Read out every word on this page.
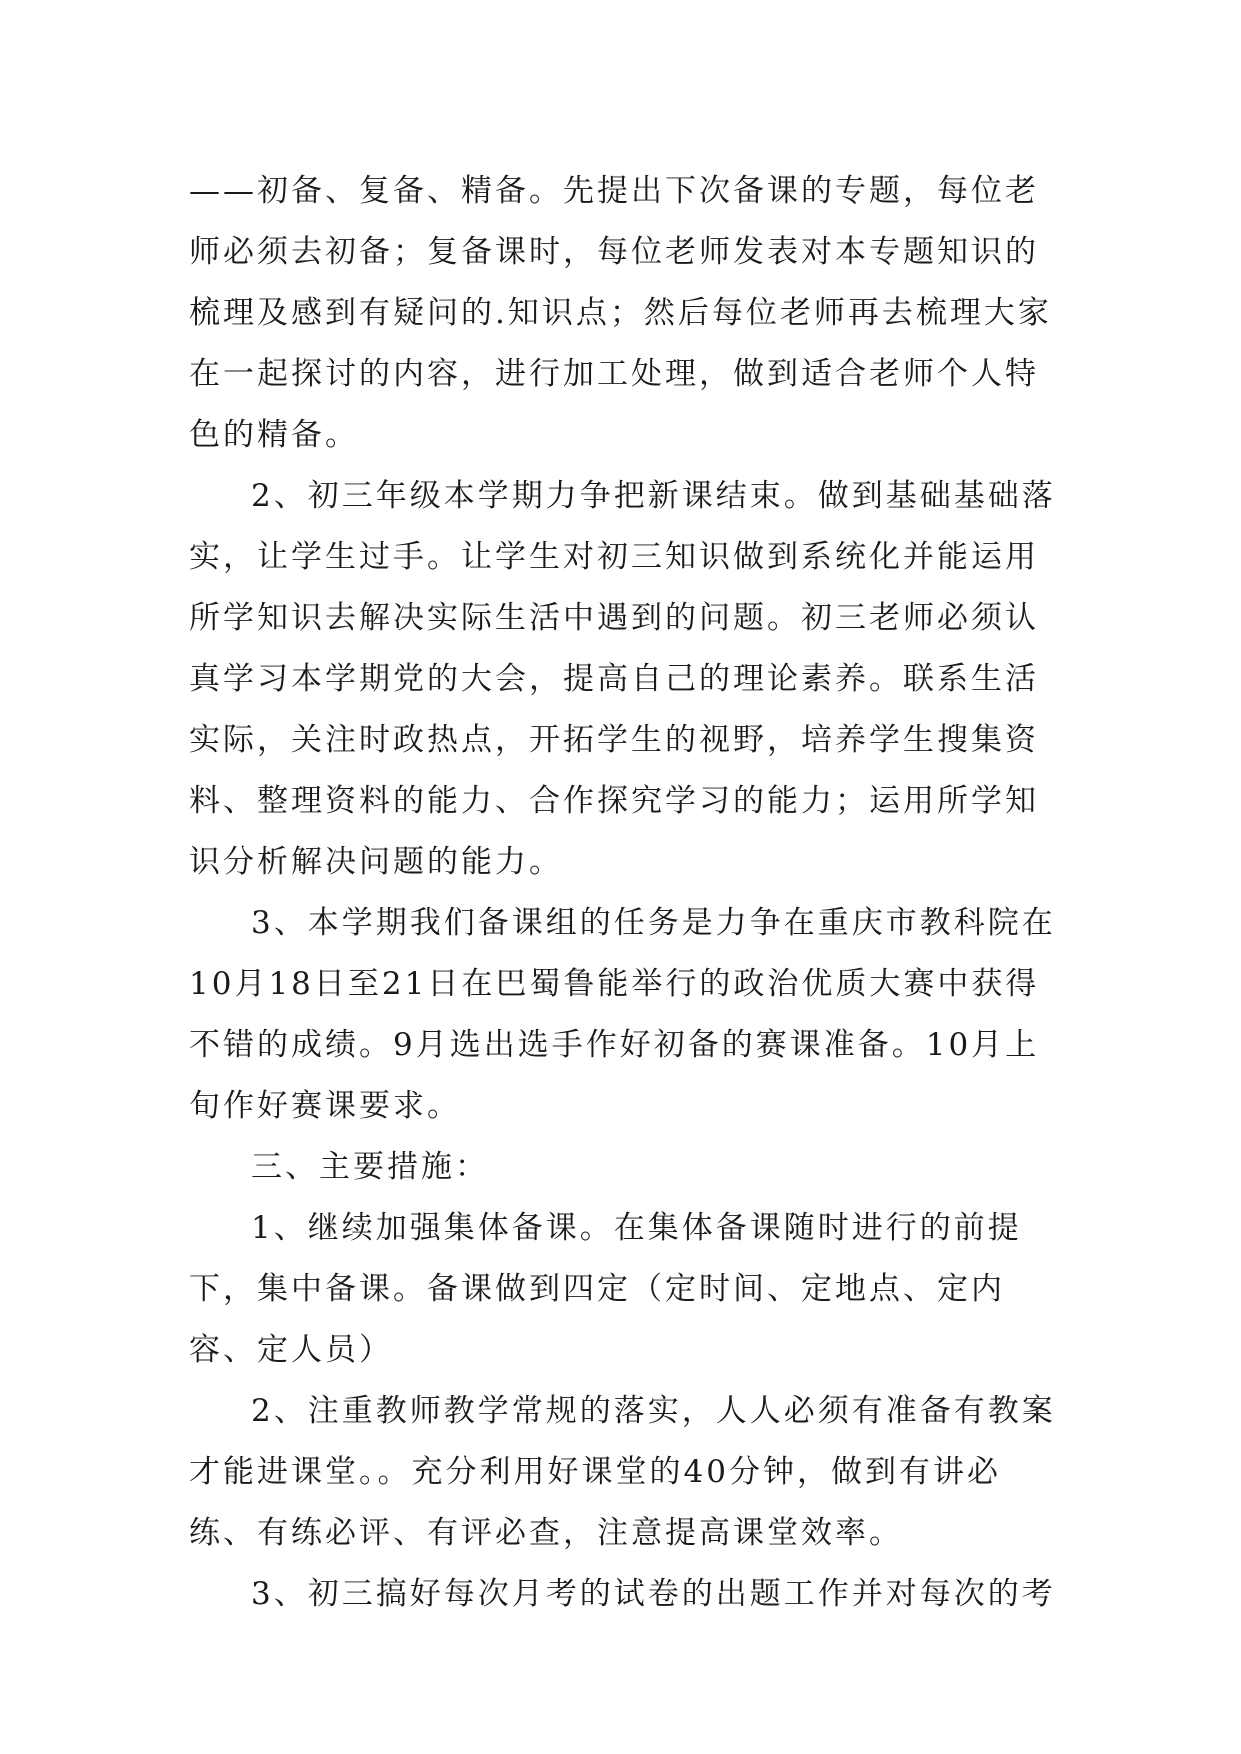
——初备、复备、精备。先提出下次备课的专题，每位老师必须去初备；复备课时，每位老师发表对本专题知识的梳理及感到有疑问的.知识点；然后每位老师再去梳理大家在一起探讨的内容，进行加工处理，做到适合老师个人特色的精备。

2、初三年级本学期力争把新课结束。做到基础基础落实，让学生过手。让学生对初三知识做到系统化并能运用所学知识去解决实际生活中遇到的问题。初三老师必须认真学习本学期党的大会，提高自己的理论素养。联系生活实际，关注时政热点，开拓学生的视野，培养学生搜集资料、整理资料的能力、合作探究学习的能力；运用所学知识分析解决问题的能力。

3、本学期我们备课组的任务是力争在重庆市教科院在10月18日至21日在巴蜀鲁能举行的政治优质大赛中获得不错的成绩。9月选出选手作好初备的赛课准备。10月上旬作好赛课要求。

三、主要措施：

1、继续加强集体备课。在集体备课随时进行的前提下，集中备课。备课做到四定（定时间、定地点、定内容、定人员）

2、注重教师教学常规的落实，人人必须有准备有教案才能进课堂。。充分利用好课堂的40分钟，做到有讲必练、有练必评、有评必查，注意提高课堂效率。

3、初三搞好每次月考的试卷的出题工作并对每次的考
